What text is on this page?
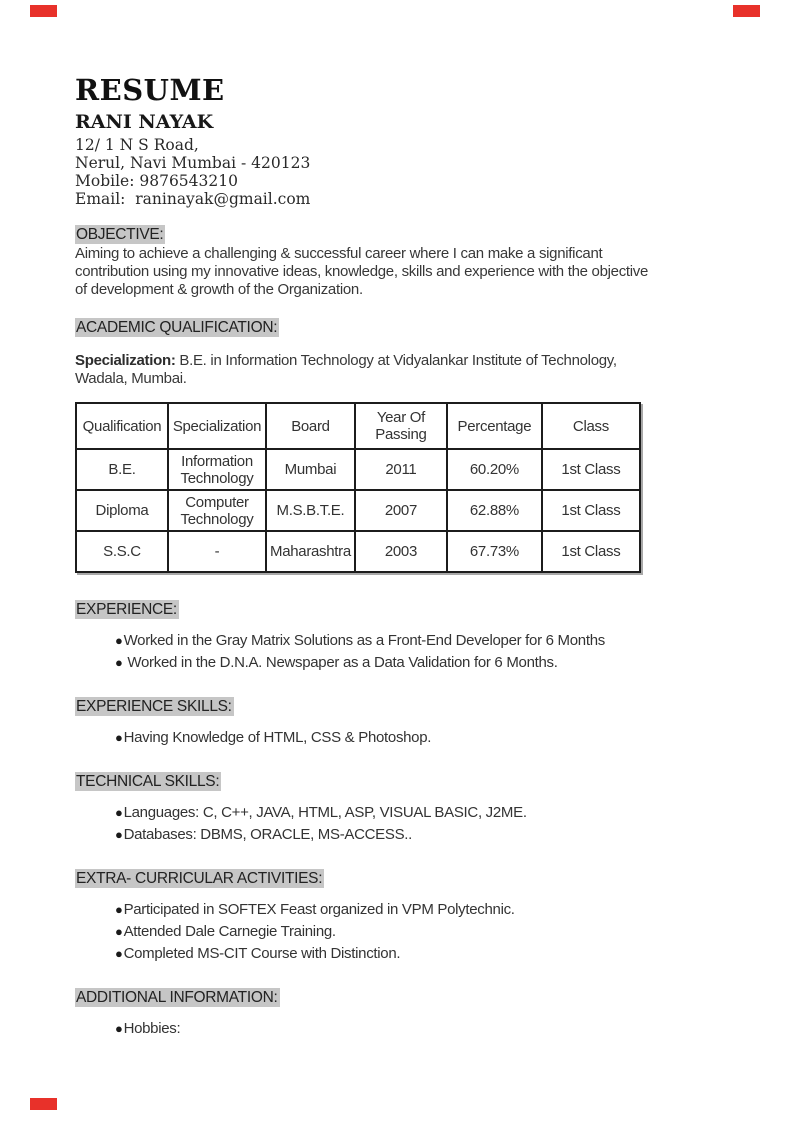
RESUME
RANI NAYAK
12/ 1 N S Road,
Nerul, Navi Mumbai - 420123
Mobile: 9876543210
Email:  raninayak@gmail.com
OBJECTIVE:
Aiming to achieve a challenging & successful career where I can make a significant
contribution using my innovative ideas, knowledge, skills and experience with the objective
of development & growth of the Organization.
ACADEMIC QUALIFICATION:
Specialization: B.E. in Information Technology at Vidyalankar Institute of Technology,
Wadala, Mumbai.
Qualification	Specialization	Board	Year Of Passing	Percentage	Class
B.E.	Information Technology	Mumbai	2011	60.20%	1st Class
Diploma	Computer Technology	M.S.B.T.E.	2007	62.88%	1st Class
S.S.C	-	Maharashtra	2003	67.73%	1st Class
EXPERIENCE:
●Worked in the Gray Matrix Solutions as a Front-End Developer for 6 Months
● Worked in the D.N.A. Newspaper as a Data Validation for 6 Months.
EXPERIENCE SKILLS:
●Having Knowledge of HTML, CSS & Photoshop.
TECHNICAL SKILLS:
●Languages: C, C++, JAVA, HTML, ASP, VISUAL BASIC, J2ME.
●Databases: DBMS, ORACLE, MS-ACCESS..
EXTRA- CURRICULAR ACTIVITIES:
●Participated in SOFTEX Feast organized in VPM Polytechnic.
●Attended Dale Carnegie Training.
●Completed MS-CIT Course with Distinction.
ADDITIONAL INFORMATION:
●Hobbies:
